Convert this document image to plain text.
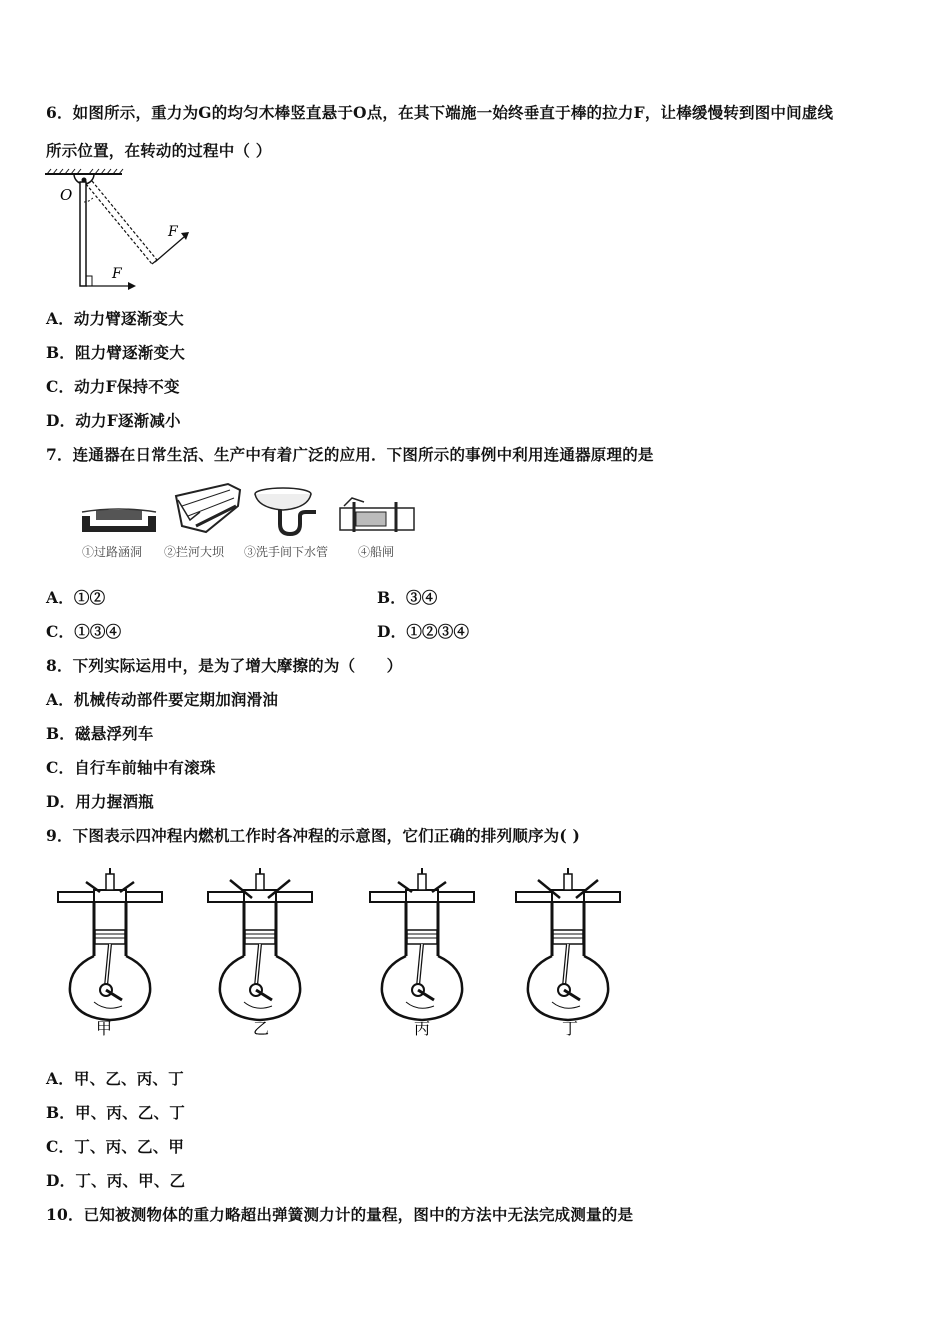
6．如图所示，重力为G的均匀木棒竖直悬于O点，在其下端施一始终垂直于棒的拉力F，让棒缓慢转到图中间虚线
所示位置，在转动的过程中（ ）
O
F
F
A．动力臂逐渐变大
B．阻力臂逐渐变大
C．动力F保持不变
D．动力F逐渐减小
7．连通器在日常生活、生产中有着广泛的应用．下图所示的事例中利用连通器原理的是
①过路涵洞 ②拦河大坝 ③洗手间下水管 ④船闸
A．①②	B．③④
C．①③④	D．①②③④
8．下列实际运用中，是为了增大摩擦的为（　　）
A．机械传动部件要定期加润滑油
B．磁悬浮列车
C．自行车前轴中有滚珠
D．用力握酒瓶
9．下图表示四冲程内燃机工作时各冲程的示意图，它们正确的排列顺序为( )
甲	乙	丙	丁
A．甲、乙、丙、丁
B．甲、丙、乙、丁
C．丁、丙、乙、甲
D．丁、丙、甲、乙
10．已知被测物体的重力略超出弹簧测力计的量程，图中的方法中无法完成测量的是
